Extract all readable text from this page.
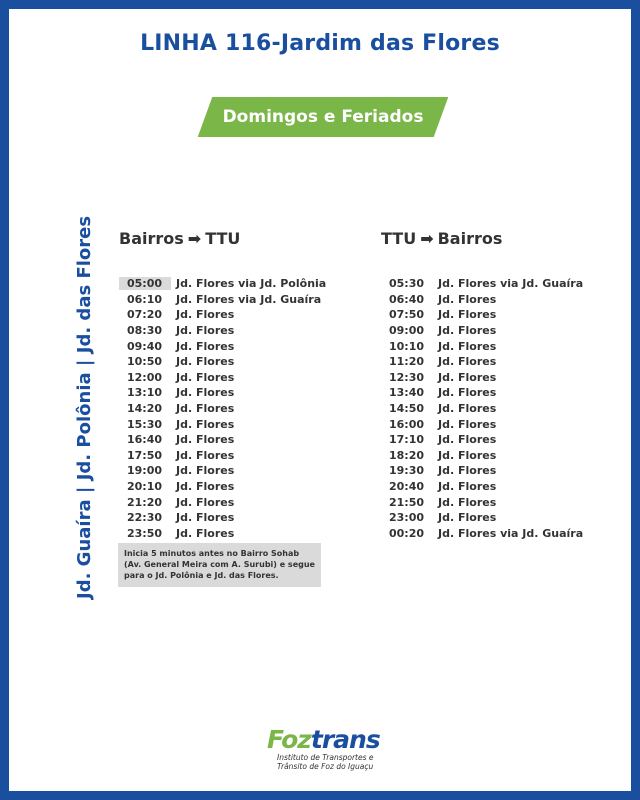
LINHA 116-Jardim das Flores
Domingos e Feriados
Jd. Guaíra | Jd. Polônia | Jd. das Flores Bairros ➡ TTU
05:00	Jd. Flores via Jd. Polônia
06:10	Jd. Flores via Jd. Guaíra
07:20	Jd. Flores
08:30	Jd. Flores
09:40	Jd. Flores
10:50	Jd. Flores
12:00	Jd. Flores
13:10	Jd. Flores
14:20	Jd. Flores
15:30	Jd. Flores
16:40	Jd. Flores
17:50	Jd. Flores
19:00	Jd. Flores
20:10	Jd. Flores
21:20	Jd. Flores
22:30	Jd. Flores
23:50	Jd. Flores
TTU ➡ Bairros
05:30	Jd. Flores via Jd. Guaíra
06:40	Jd. Flores
07:50	Jd. Flores
09:00	Jd. Flores
10:10	Jd. Flores
11:20	Jd. Flores
12:30	Jd. Flores
13:40	Jd. Flores
14:50	Jd. Flores
16:00	Jd. Flores
17:10	Jd. Flores
18:20	Jd. Flores
19:30	Jd. Flores
20:40	Jd. Flores
21:50	Jd. Flores
23:00	Jd. Flores
00:20	Jd. Flores via Jd. Guaíra
Inicia 5 minutos antes no Bairro Sohab (Av. General Meira com A. Surubi) e segue para o Jd. Polônia e Jd. das Flores.
Foztrans
Instituto de Transportes e
Trânsito de Foz do Iguaçu
